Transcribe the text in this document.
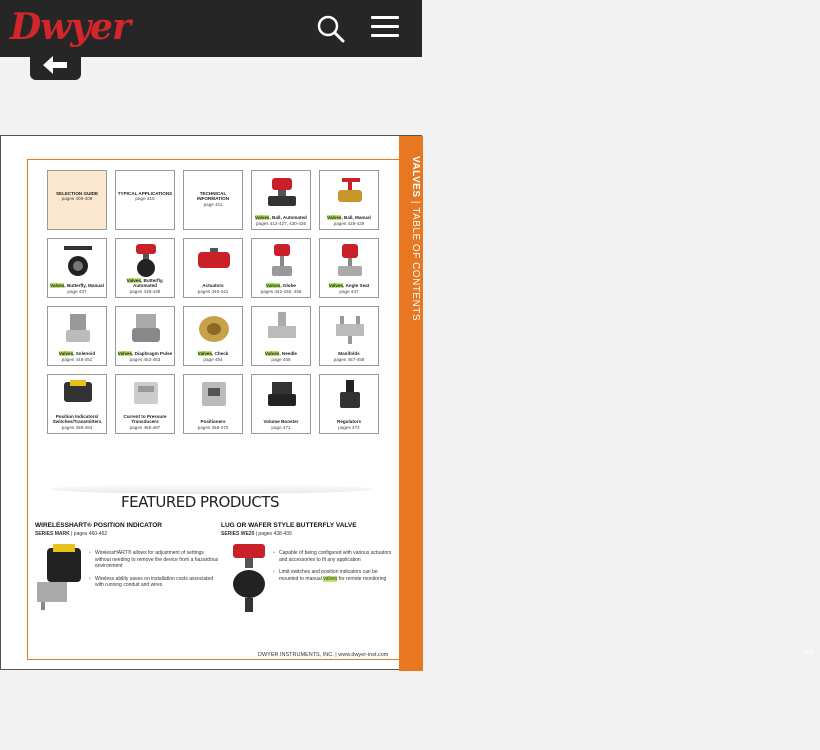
Dwyer
VALVES | TABLE OF CONTENTS
405
SELECTION GUIDE
pages 406-409
TYPICAL APPLICATIONS
page 410
TECHNICAL INFORMATION
page 411
Valves, Ball, Automated
pages 412-427, 430-436
Valves, Ball, Manual
pages 428-429
Valves, Butterfly, Manual
page 437
Valves, Butterfly, Automated
pages 438-439
Actuators
pages 440-441
Valves, Globe
pages 442-446, 456
Valves, Angle Seat
page 447
Valves, Solenoid
pages 448-451
Valves, Diaphragm Pulse
pages 452-453
Valves, Check
page 454
Valves, Needle
page 455
Manifolds
pages 457-458
Position Indicators/ Switches/Transmitters
pages 459-464
Current to Pressure Transducers
pages 465-467
Positioners
pages 468-470
Volume Booster
page 471
Regulators
pages 472
FEATURED PRODUCTS
WIRELESSHART® POSITION INDICATOR
SERIES MARK | pages 460-462
• WirelessHART® allows for adjustment of settings without needing to remove the device from a hazardous environment
• Wireless ability saves on installation costs associated with running conduit and wires
LUG OR WAFER STYLE BUTTERFLY VALVE
SERIES WE20 | pages 438-439
• Capable of being configured with various actuators and accessories to fit any application
• Limit switches and position indicators can be mounted to manual valves for remote monitoring
DWYER INSTRUMENTS, INC. | www.dwyer-inst.com
